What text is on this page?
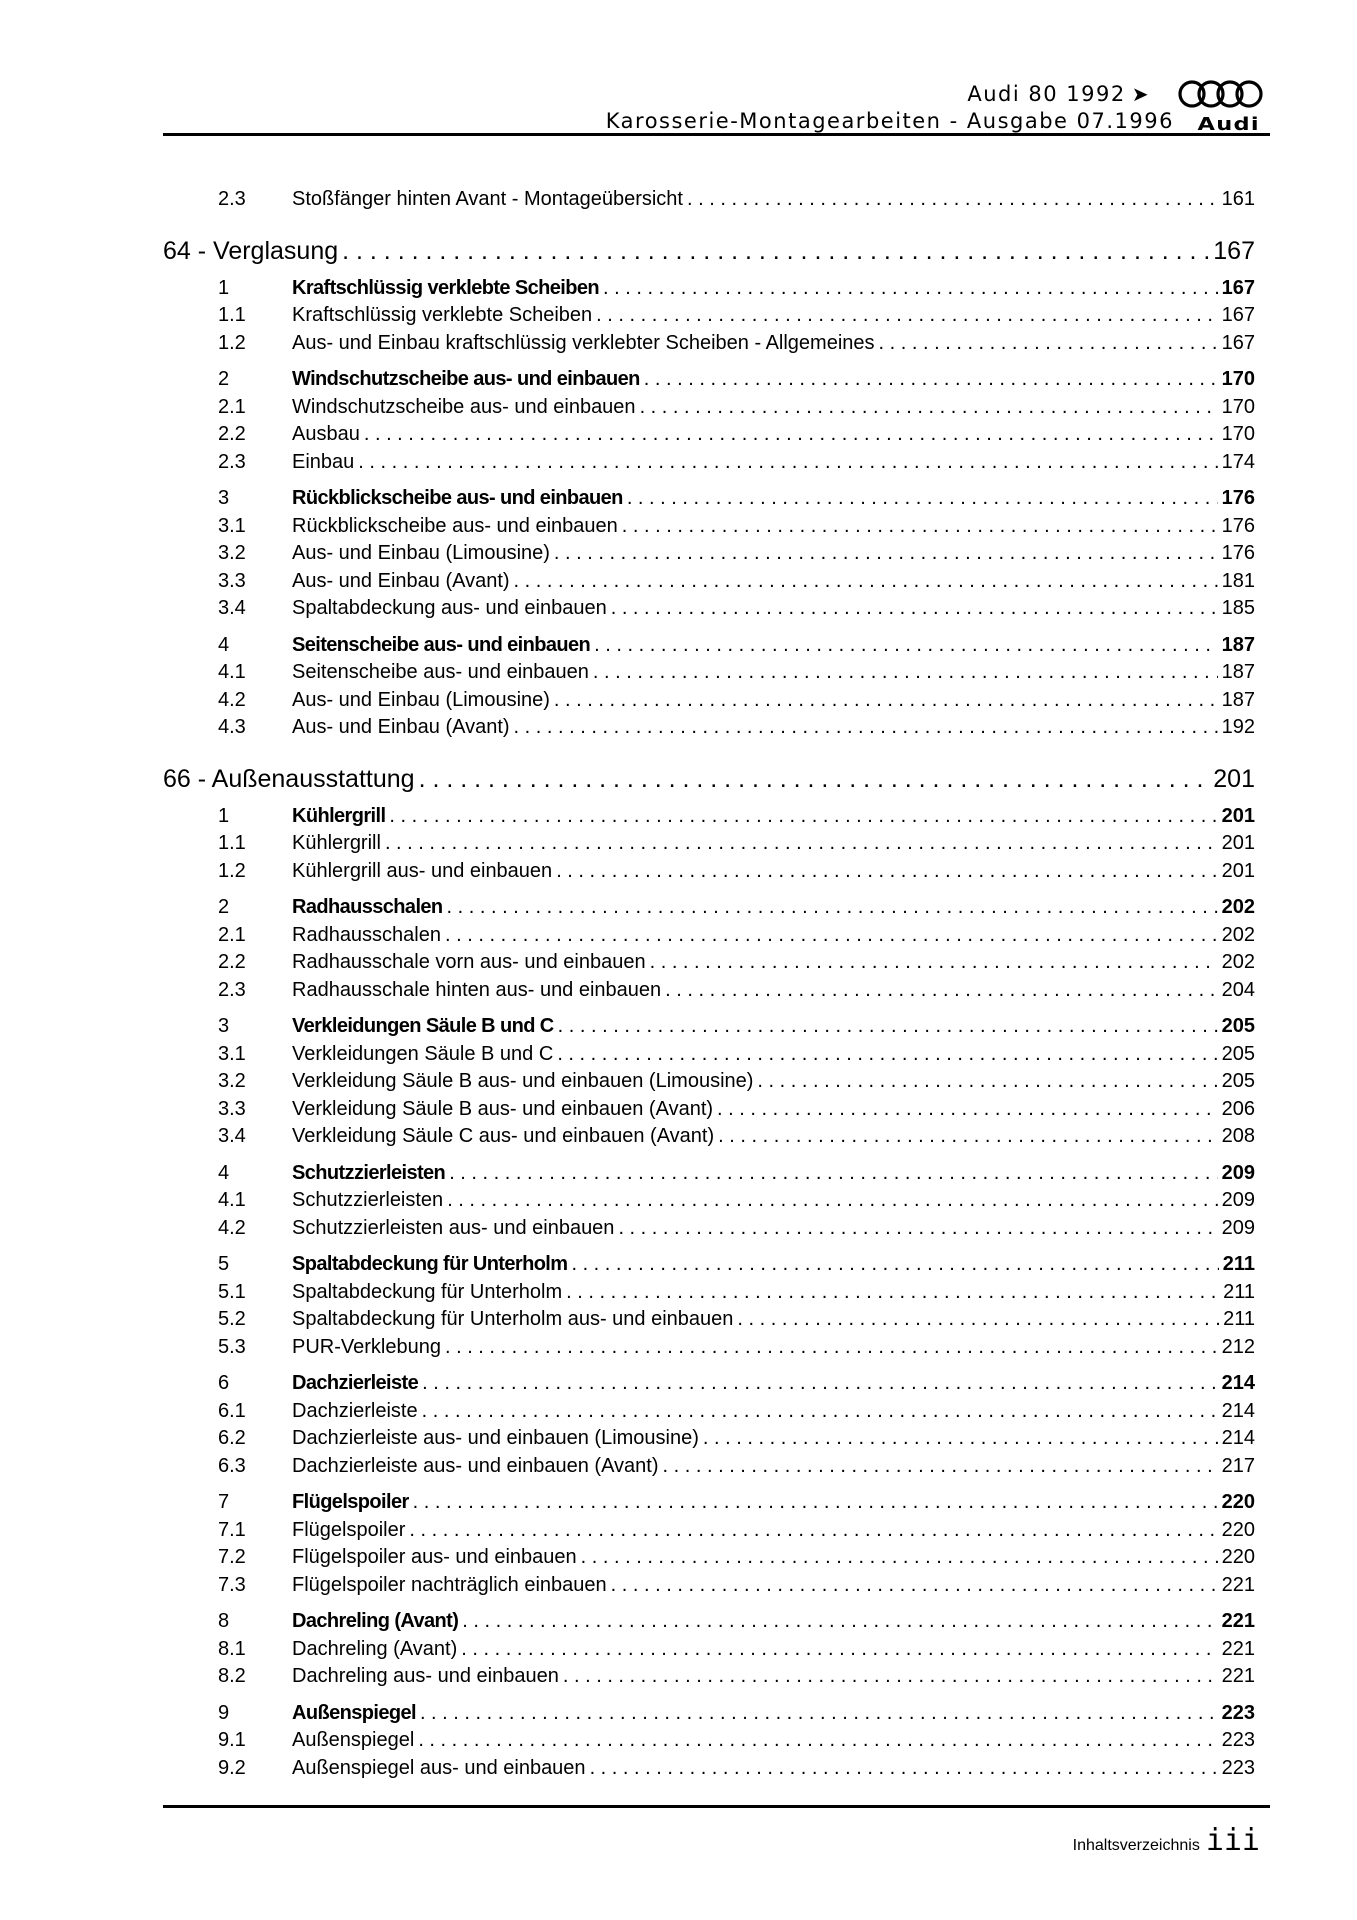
Audi 80 1992 ➤
Karosserie-Montagearbeiten - Ausgabe 07.1996 Audi
2.3	Stoßfänger hinten Avant - Montageübersicht . . .	161
64 - Verglasung . . .	167
1	Kraftschlüssig verklebte Scheiben . . .	167
1.1	Kraftschlüssig verklebte Scheiben . . .	167
1.2	Aus- und Einbau kraftschlüssig verklebter Scheiben - Allgemeines . . .	167
2	Windschutzscheibe aus- und einbauen . . .	170
2.1	Windschutzscheibe aus- und einbauen . . .	170
2.2	Ausbau . . .	170
2.3	Einbau . . .	174
3	Rückblickscheibe aus- und einbauen . . .	176
3.1	Rückblickscheibe aus- und einbauen . . .	176
3.2	Aus- und Einbau (Limousine) . . .	176
3.3	Aus- und Einbau (Avant) . . .	181
3.4	Spaltabdeckung aus- und einbauen . . .	185
4	Seitenscheibe aus- und einbauen . . .	187
4.1	Seitenscheibe aus- und einbauen . . .	187
4.2	Aus- und Einbau (Limousine) . . .	187
4.3	Aus- und Einbau (Avant) . . .	192
66 - Außenausstattung . . .	201
1	Kühlergrill . . .	201
1.1	Kühlergrill . . .	201
1.2	Kühlergrill aus- und einbauen . . .	201
2	Radhausschalen . . .	202
2.1	Radhausschalen . . .	202
2.2	Radhausschale vorn aus- und einbauen . . .	202
2.3	Radhausschale hinten aus- und einbauen . . .	204
3	Verkleidungen Säule B und C . . .	205
3.1	Verkleidungen Säule B und C . . .	205
3.2	Verkleidung Säule B aus- und einbauen (Limousine) . . .	205
3.3	Verkleidung Säule B aus- und einbauen (Avant) . . .	206
3.4	Verkleidung Säule C aus- und einbauen (Avant) . . .	208
4	Schutzzierleisten . . .	209
4.1	Schutzzierleisten . . .	209
4.2	Schutzzierleisten aus- und einbauen . . .	209
5	Spaltabdeckung für Unterholm . . .	211
5.1	Spaltabdeckung für Unterholm . . .	211
5.2	Spaltabdeckung für Unterholm aus- und einbauen . . .	211
5.3	PUR-Verklebung . . .	212
6	Dachzierleiste . . .	214
6.1	Dachzierleiste . . .	214
6.2	Dachzierleiste aus- und einbauen (Limousine) . . .	214
6.3	Dachzierleiste aus- und einbauen (Avant) . . .	217
7	Flügelspoiler . . .	220
7.1	Flügelspoiler . . .	220
7.2	Flügelspoiler aus- und einbauen . . .	220
7.3	Flügelspoiler nachträglich einbauen . . .	221
8	Dachreling (Avant) . . .	221
8.1	Dachreling (Avant) . . .	221
8.2	Dachreling aus- und einbauen . . .	221
9	Außenspiegel . . .	223
9.1	Außenspiegel . . .	223
9.2	Außenspiegel aus- und einbauen . . .	223
Inhaltsverzeichnis iii
